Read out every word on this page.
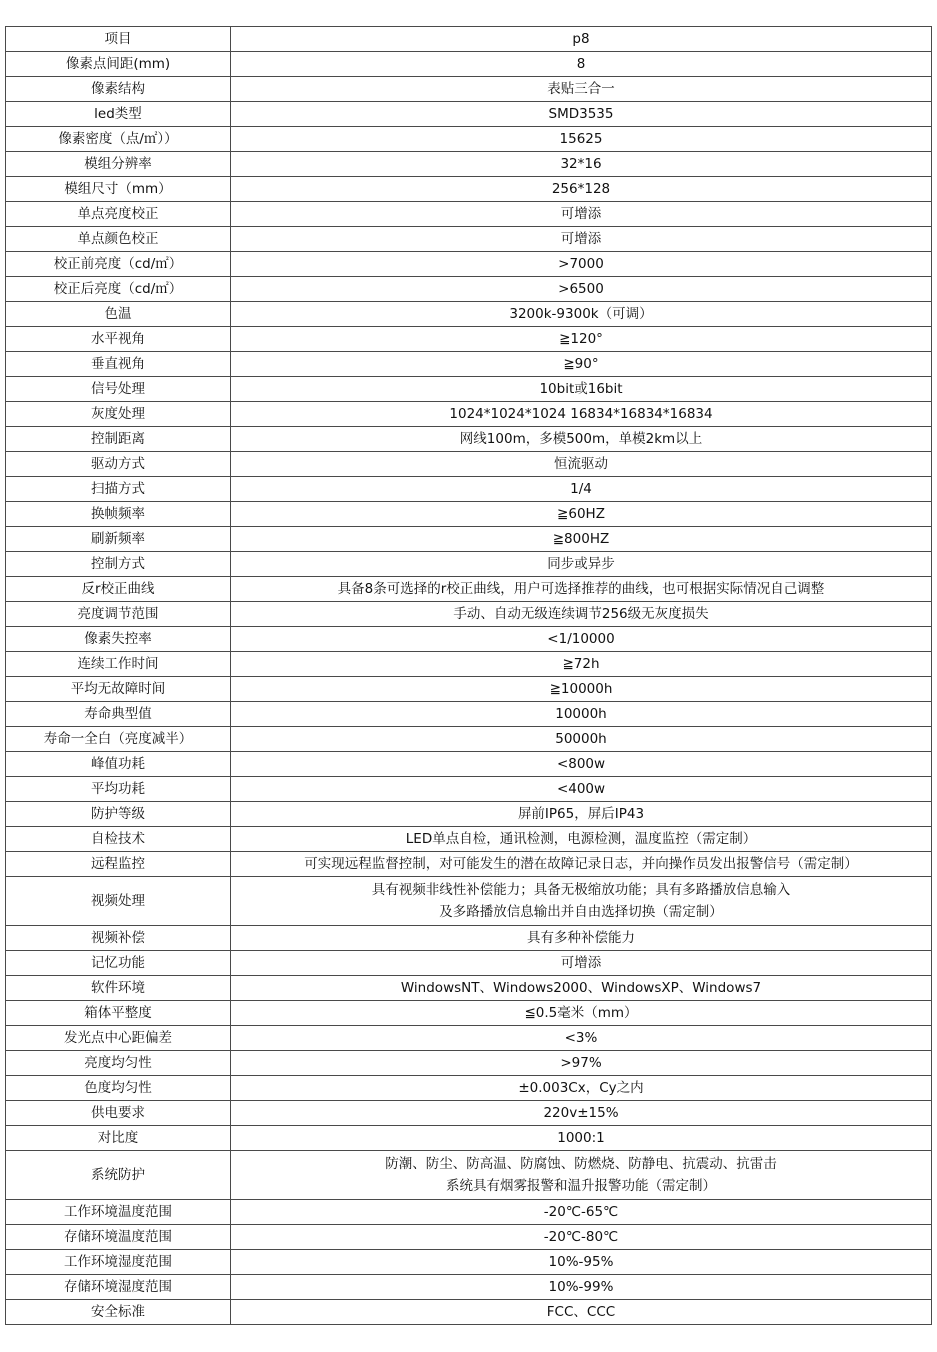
项目	p8
像素点间距(mm)	8
像素结构	表贴三合一
led类型	SMD3535
像素密度（点/㎡））	15625
模组分辨率	32*16
模组尺寸（mm）	256*128
单点亮度校正	可增添
单点颜色校正	可增添
校正前亮度（cd/㎡）	>7000
校正后亮度（cd/㎡）	>6500
色温	3200k-9300k（可调）
水平视角	≧120°
垂直视角	≧90°
信号处理	10bit或16bit
灰度处理	1024*1024*1024 16834*16834*16834
控制距离	网线100m，多模500m，单模2km以上
驱动方式	恒流驱动
扫描方式	1/4
换帧频率	≧60HZ
刷新频率	≧800HZ
控制方式	同步或异步
反r校正曲线	具备8条可选择的r校正曲线，用户可选择推荐的曲线，也可根据实际情况自己调整
亮度调节范围	手动、自动无级连续调节256级无灰度损失
像素失控率	<1/10000
连续工作时间	≧72h
平均无故障时间	≧10000h
寿命典型值	10000h
寿命一全白（亮度减半）	50000h
峰值功耗	<800w
平均功耗	<400w
防护等级	屏前IP65，屏后IP43
自检技术	LED单点自检，通讯检测，电源检测，温度监控（需定制）
远程监控	可实现远程监督控制，对可能发生的潜在故障记录日志，并向操作员发出报警信号（需定制）
视频处理	具有视频非线性补偿能力；具备无极缩放功能；具有多路播放信息输入
及多路播放信息输出并自由选择切换（需定制）

视频补偿	具有多种补偿能力
记忆功能	可增添
软件环境	WindowsNT、Windows2000、WindowsXP、Windows7
箱体平整度	≦0.5毫米（mm）
发光点中心距偏差	<3%
亮度均匀性	>97%
色度均匀性	±0.003Cx，Cy之内
供电要求	220v±15%
对比度	1000:1
系统防护	防潮、防尘、防高温、防腐蚀、防燃烧、防静电、抗震动、抗雷击
系统具有烟雾报警和温升报警功能（需定制）

工作环境温度范围	-20℃-65℃
存储环境温度范围	-20℃-80℃
工作环境湿度范围	10%-95%
存储环境湿度范围	10%-99%
安全标准	FCC、CCC
